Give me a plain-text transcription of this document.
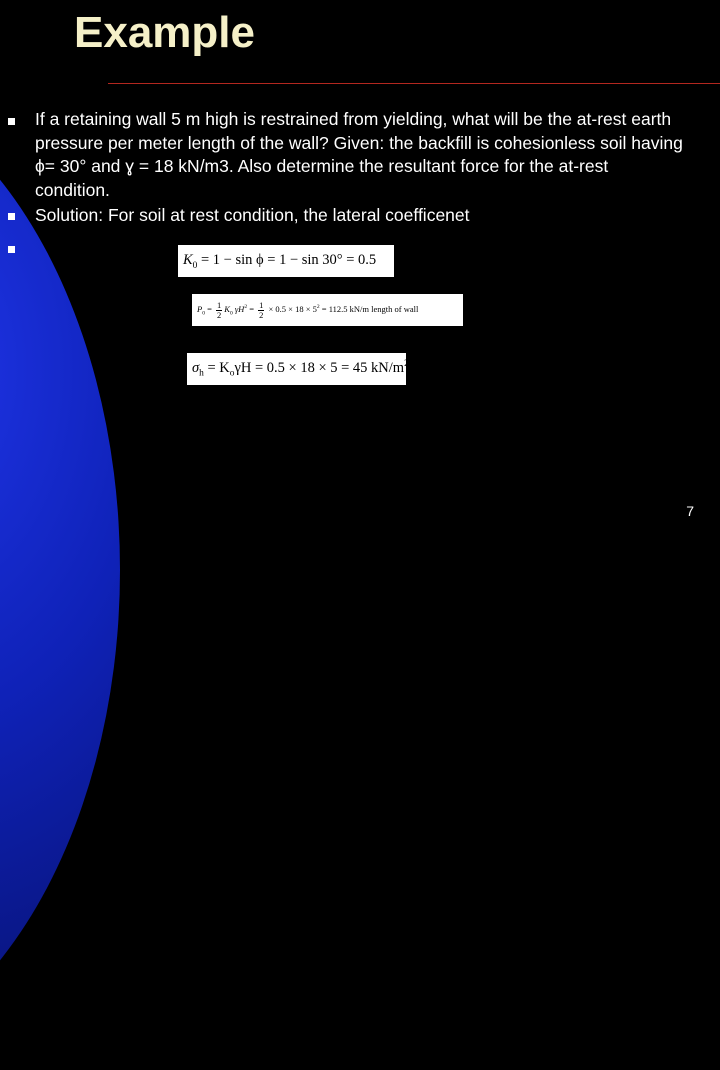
Example

If a retaining wall 5 m high is restrained from yielding, what will be the at-rest earth pressure per meter length of the wall? Given: the backfill is cohesionless soil having ϕ= 30° and ɣ = 18 kN/m3. Also determine the resultant force for the at-rest condition.

Solution: For soil at rest condition, the lateral coefficenet

$K_0 = 1 - \sin \phi = 1 - \sin 30^\circ = 0.5$
$P_0 = \frac{1}{2} K_0$ $\gamma H^2 = \frac{1}{2} \times 0.5 \times 18 \times 5^2 = 112.5$ kN/m length of wall
$\sigma_h = K_o\gamma H = 0.5 \times 18 \times 5 = 45$ $kN/m^2$
7
